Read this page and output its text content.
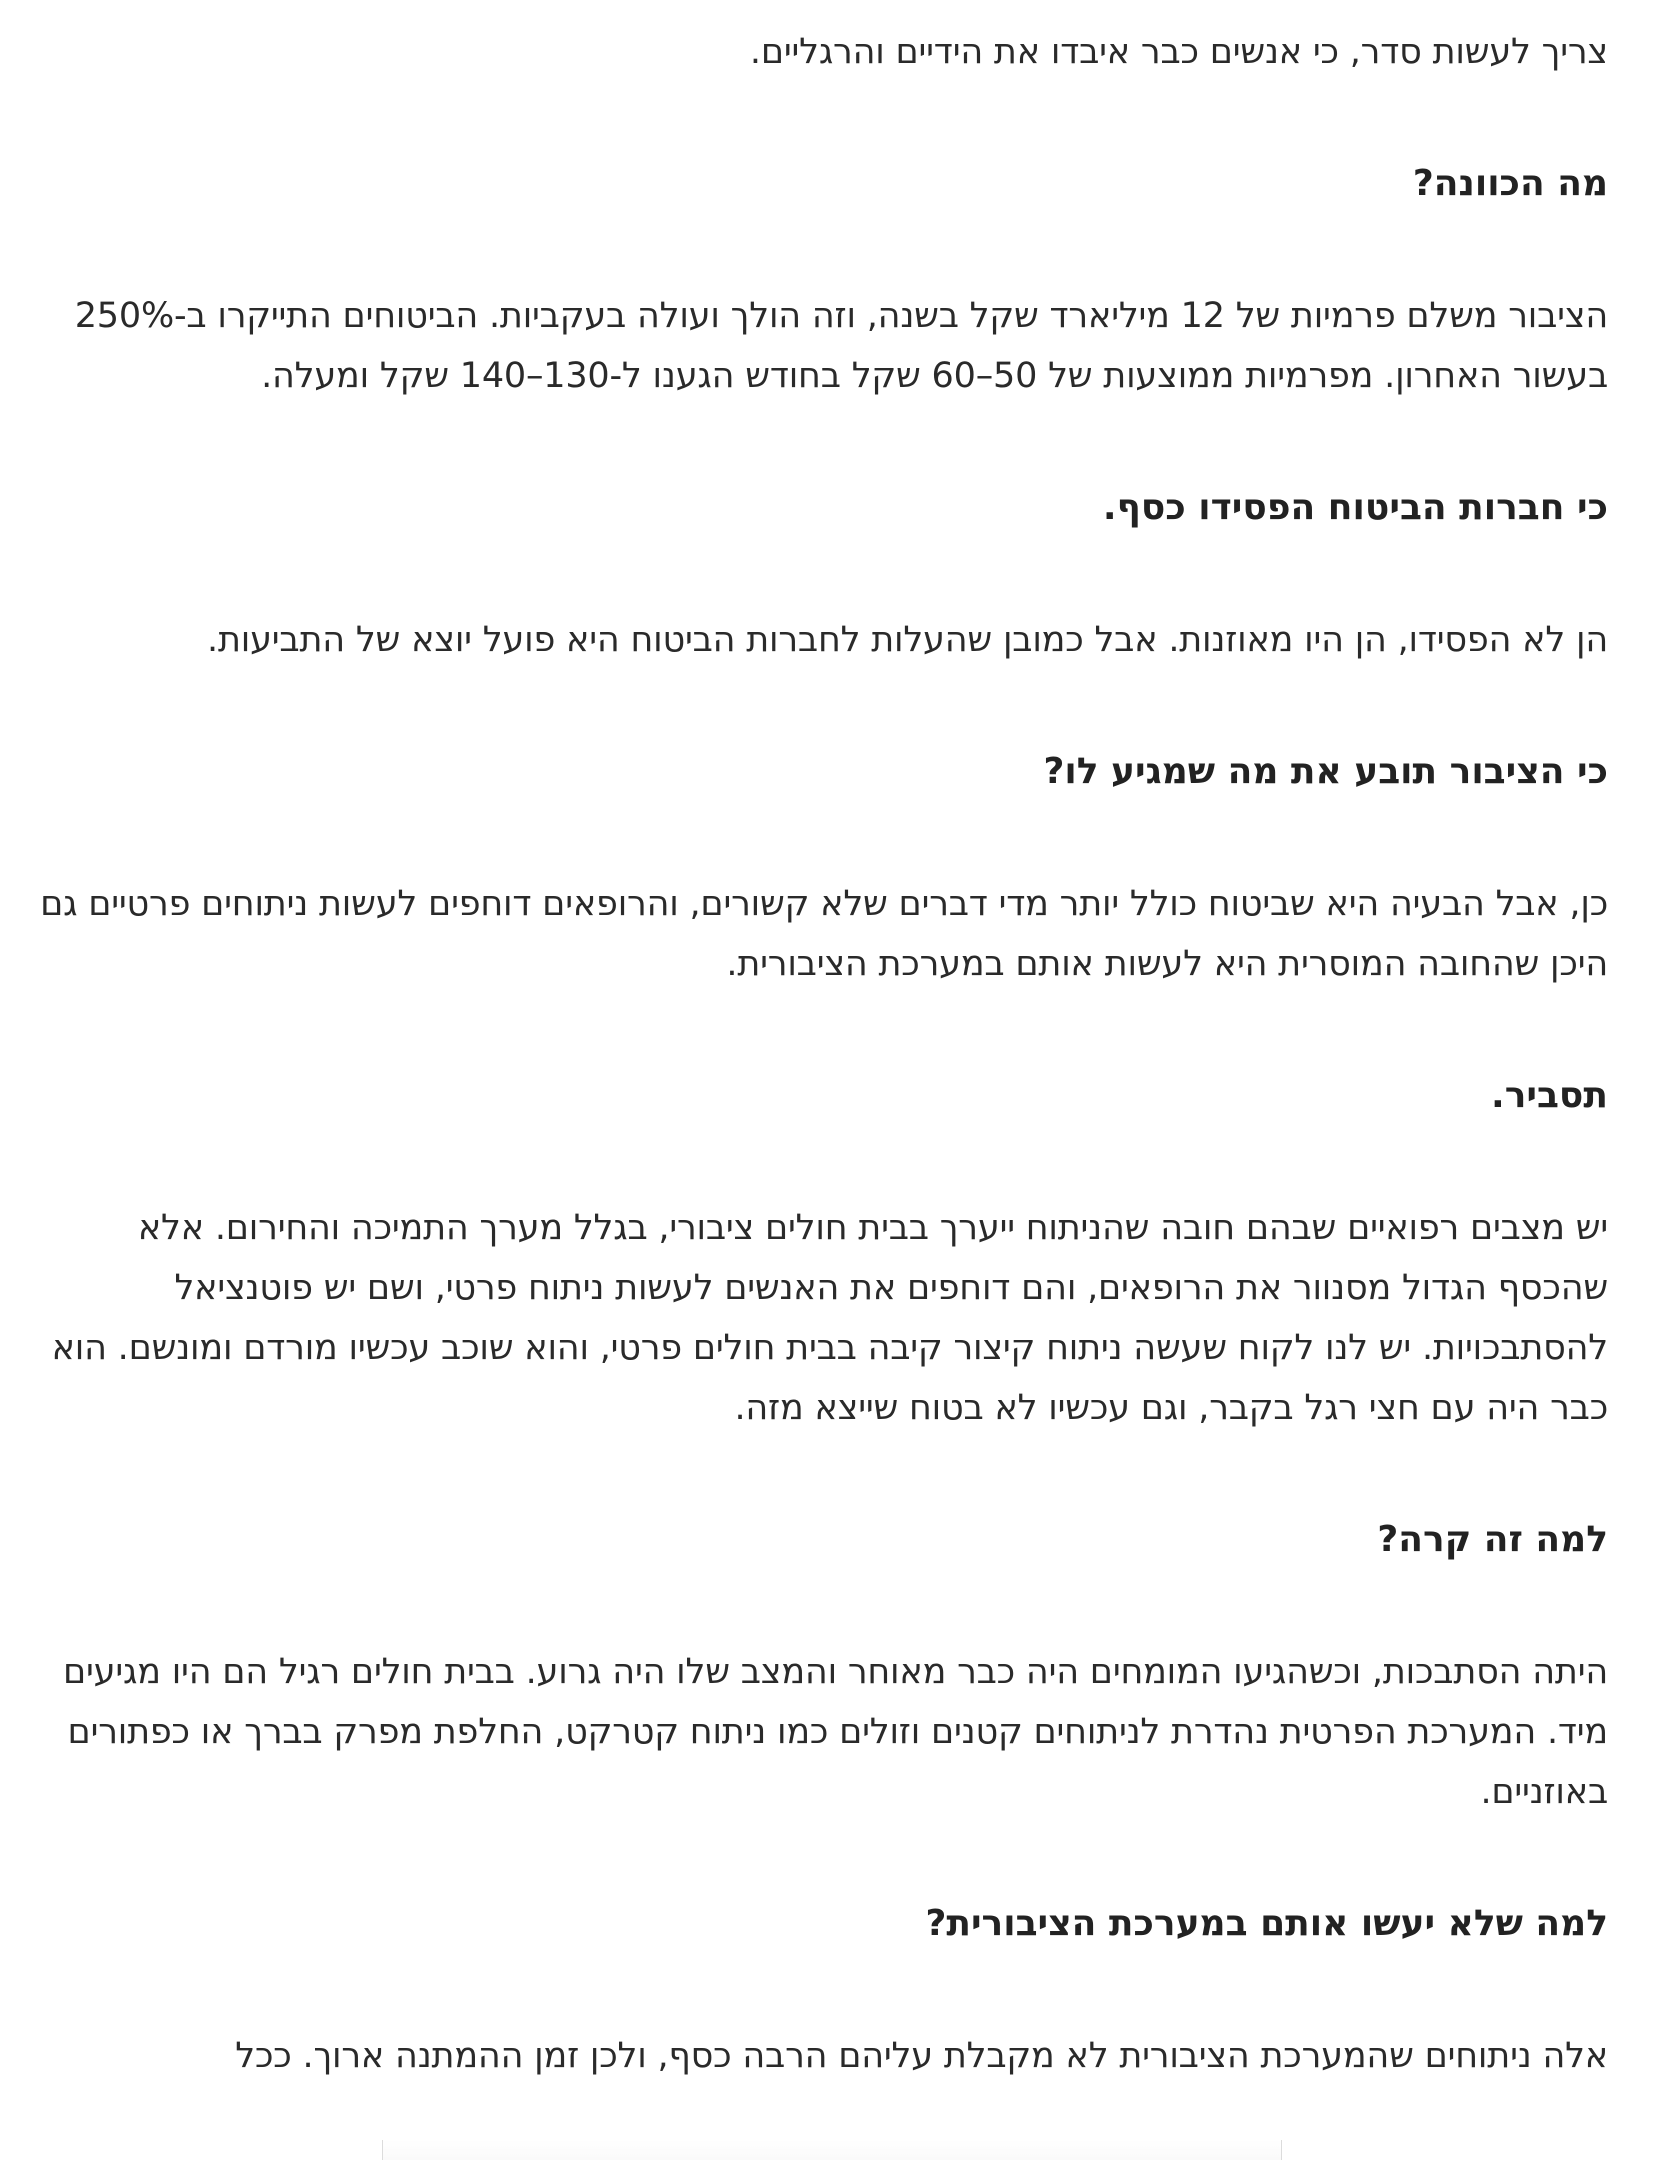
צריך לעשות סדר, כי אנשים כבר איבדו את הידיים והרגליים.

מה הכוונה?

הציבור משלם פרמיות של 12 מיליארד שקל בשנה, וזה הולך ועולה בעקביות. הביטוחים התייקרו ב-250% בעשור האחרון. מפרמיות ממוצעות של 50–60 שקל בחודש הגענו ל-130–140 שקל ומעלה.

כי חברות הביטוח הפסידו כסף.

הן לא הפסידו, הן היו מאוזנות. אבל כמובן שהעלות לחברות הביטוח היא פועל יוצא של התביעות.

כי הציבור תובע את מה שמגיע לו?

כן, אבל הבעיה היא שביטוח כולל יותר מדי דברים שלא קשורים, והרופאים דוחפים לעשות ניתוחים פרטיים גם היכן שהחובה המוסרית היא לעשות אותם במערכת הציבורית.

תסביר.

יש מצבים רפואיים שבהם חובה שהניתוח ייערך בבית חולים ציבורי, בגלל מערך התמיכה והחירום. אלא שהכסף הגדול מסנוור את הרופאים, והם דוחפים את האנשים לעשות ניתוח פרטי, ושם יש פוטנציאל להסתבכויות. יש לנו לקוח שעשה ניתוח קיצור קיבה בבית חולים פרטי, והוא שוכב עכשיו מורדם ומונשם. הוא כבר היה עם חצי רגל בקבר, וגם עכשיו לא בטוח שייצא מזה.

למה זה קרה?

היתה הסתבכות, וכשהגיעו המומחים היה כבר מאוחר והמצב שלו היה גרוע. בבית חולים רגיל הם היו מגיעים מיד. המערכת הפרטית נהדרת לניתוחים קטנים וזולים כמו ניתוח קטרקט, החלפת מפרק בברך או כפתורים באוזניים.

למה שלא יעשו אותם במערכת הציבורית?

אלה ניתוחים שהמערכת הציבורית לא מקבלת עליהם הרבה כסף, ולכן זמן ההמתנה ארוך. ככל
